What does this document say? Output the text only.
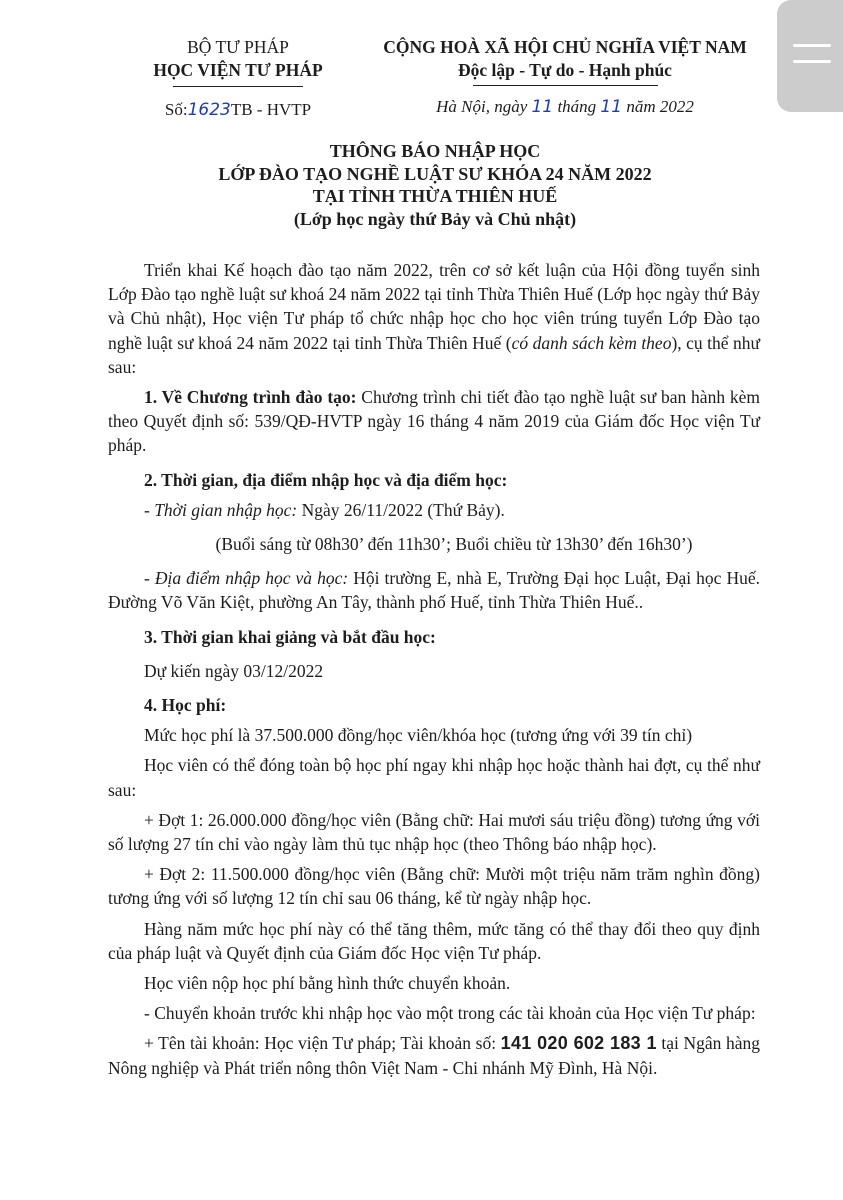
BỘ TƯ PHÁP
HỌC VIỆN TƯ PHÁP
Số:1623TB - HVTP
CỘNG HOÀ XÃ HỘI CHỦ NGHĨA VIỆT NAM
Độc lập - Tự do - Hạnh phúc
Hà Nội, ngày 11 tháng 11 năm 2022
THÔNG BÁO NHẬP HỌC
LỚP ĐÀO TẠO NGHỀ LUẬT SƯ KHÓA 24 NĂM 2022
TẠI TỈNH THỪA THIÊN HUẾ
(Lớp học ngày thứ Bảy và Chủ nhật)

Triển khai Kế hoạch đào tạo năm 2022, trên cơ sở kết luận của Hội đồng tuyển sinh Lớp Đào tạo nghề luật sư khoá 24 năm 2022 tại tỉnh Thừa Thiên Huế (Lớp học ngày thứ Bảy và Chủ nhật), Học viện Tư pháp tổ chức nhập học cho học viên trúng tuyển Lớp Đào tạo nghề luật sư khoá 24 năm 2022 tại tỉnh Thừa Thiên Huế (có danh sách kèm theo), cụ thể như sau:

1. Về Chương trình đào tạo: Chương trình chi tiết đào tạo nghề luật sư ban hành kèm theo Quyết định số: 539/QĐ-HVTP ngày 16 tháng 4 năm 2019 của Giám đốc Học viện Tư pháp.

2. Thời gian, địa điểm nhập học và địa điểm học:

- Thời gian nhập học: Ngày 26/11/2022 (Thứ Bảy).

(Buổi sáng từ 08h30’ đến 11h30’; Buổi chiều từ 13h30’ đến 16h30’)

- Địa điểm nhập học và học: Hội trường E, nhà E, Trường Đại học Luật, Đại học Huế. Đường Võ Văn Kiệt, phường An Tây, thành phố Huế, tỉnh Thừa Thiên Huế..

3. Thời gian khai giảng và bắt đầu học:

Dự kiến ngày 03/12/2022

4. Học phí:

Mức học phí là 37.500.000 đồng/học viên/khóa học (tương ứng với 39 tín chỉ)

Học viên có thể đóng toàn bộ học phí ngay khi nhập học hoặc thành hai đợt, cụ thể như sau:

+ Đợt 1: 26.000.000 đồng/học viên (Bằng chữ: Hai mươi sáu triệu đồng) tương ứng với số lượng 27 tín chỉ vào ngày làm thủ tục nhập học (theo Thông báo nhập học).

+ Đợt 2: 11.500.000 đồng/học viên (Bằng chữ: Mười một triệu năm trăm nghìn đồng) tương ứng với số lượng 12 tín chỉ sau 06 tháng, kể từ ngày nhập học.

Hàng năm mức học phí này có thể tăng thêm, mức tăng có thể thay đổi theo quy định của pháp luật và Quyết định của Giám đốc Học viện Tư pháp.

Học viên nộp học phí bằng hình thức chuyển khoản.

- Chuyển khoản trước khi nhập học vào một trong các tài khoản của Học viện Tư pháp:

+ Tên tài khoản: Học viện Tư pháp; Tài khoản số: 141 020 602 183 1 tại Ngân hàng Nông nghiệp và Phát triển nông thôn Việt Nam - Chi nhánh Mỹ Đình, Hà Nội.
